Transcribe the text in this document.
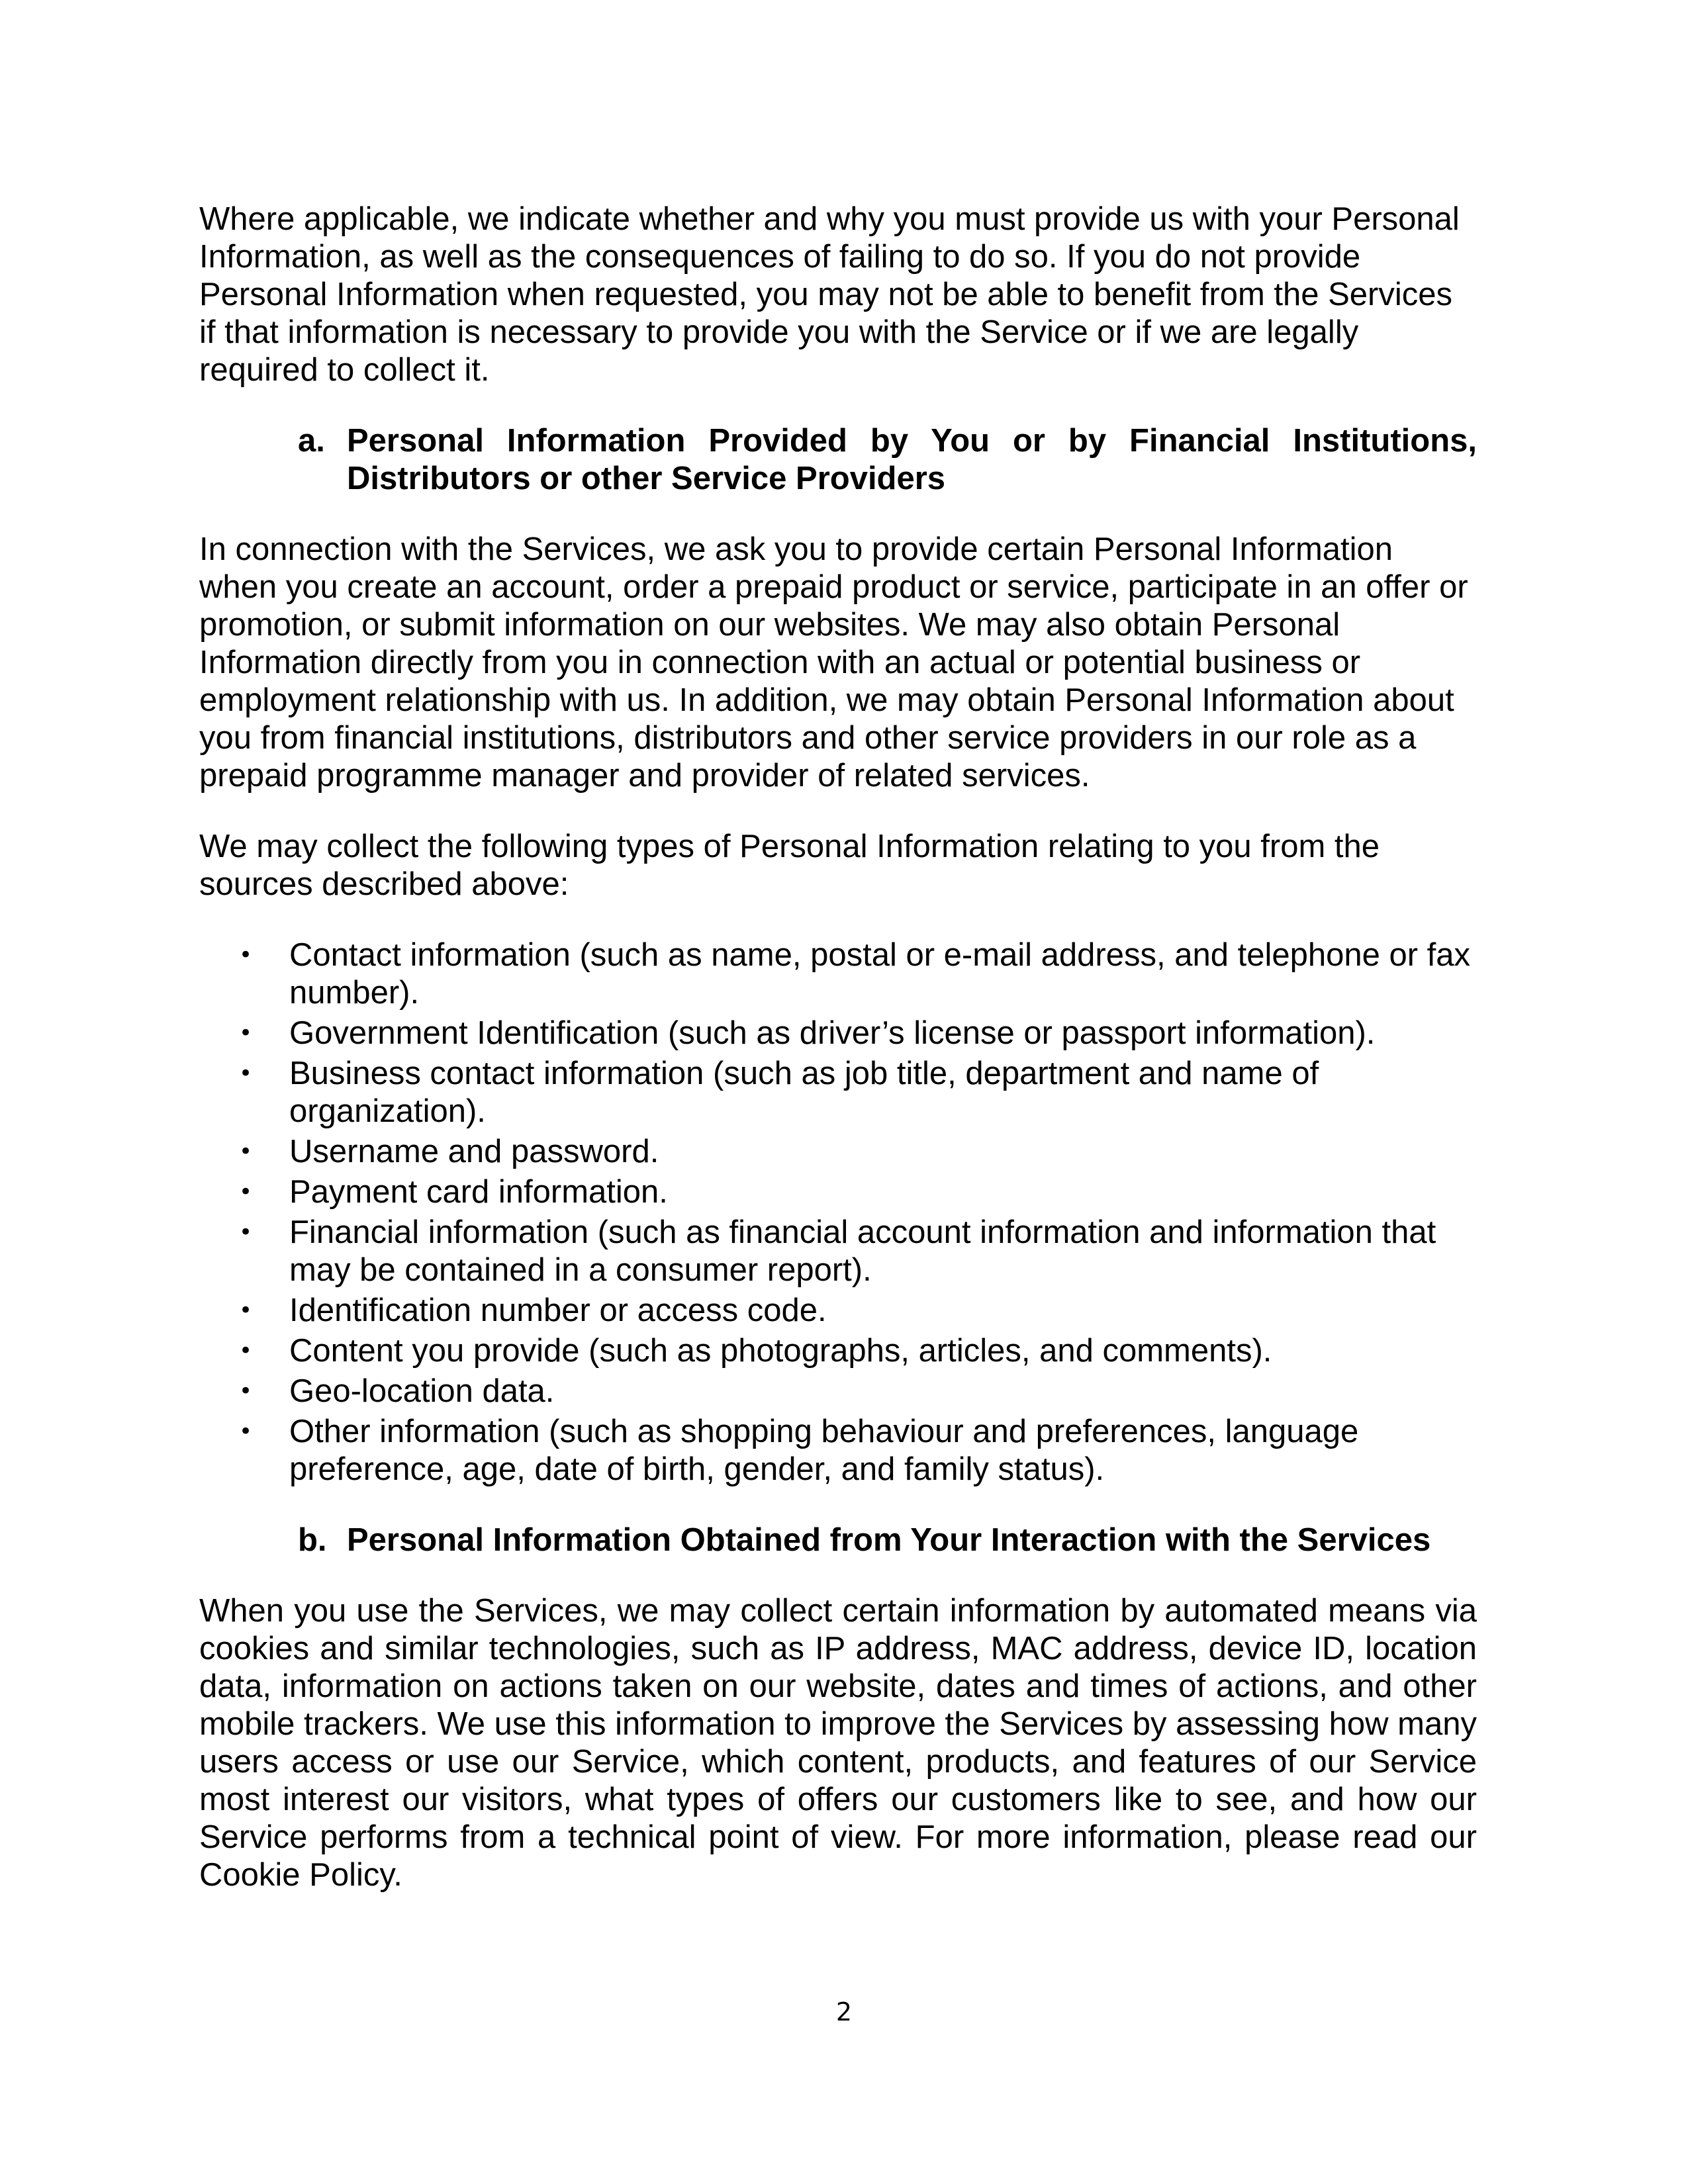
Where applicable, we indicate whether and why you must provide us with your Personal Information, as well as the consequences of failing to do so. If you do not provide Personal Information when requested, you may not be able to benefit from the Services if that information is necessary to provide you with the Service or if we are legally required to collect it.

a. Personal Information Provided by You or by Financial Institutions, Distributors or other Service Providers

In connection with the Services, we ask you to provide certain Personal Information when you create an account, order a prepaid product or service, participate in an offer or promotion, or submit information on our websites. We may also obtain Personal Information directly from you in connection with an actual or potential business or employment relationship with us. In addition, we may obtain Personal Information about you from financial institutions, distributors and other service providers in our role as a prepaid programme manager and provider of related services.

We may collect the following types of Personal Information relating to you from the sources described above:

• Contact information (such as name, postal or e-mail address, and telephone or fax number).
• Government Identification (such as driver’s license or passport information).
• Business contact information (such as job title, department and name of organization).
• Username and password.
• Payment card information.
• Financial information (such as financial account information and information that may be contained in a consumer report).
• Identification number or access code.
• Content you provide (such as photographs, articles, and comments).
• Geo-location data.
• Other information (such as shopping behaviour and preferences, language preference, age, date of birth, gender, and family status).
b. Personal Information Obtained from Your Interaction with the Services

When you use the Services, we may collect certain information by automated means via cookies and similar technologies, such as IP address, MAC address, device ID, location data, information on actions taken on our website, dates and times of actions, and other mobile trackers. We use this information to improve the Services by assessing how many users access or use our Service, which content, products, and features of our Service most interest our visitors, what types of offers our customers like to see, and how our Service performs from a technical point of view. For more information, please read our Cookie Policy.

2
